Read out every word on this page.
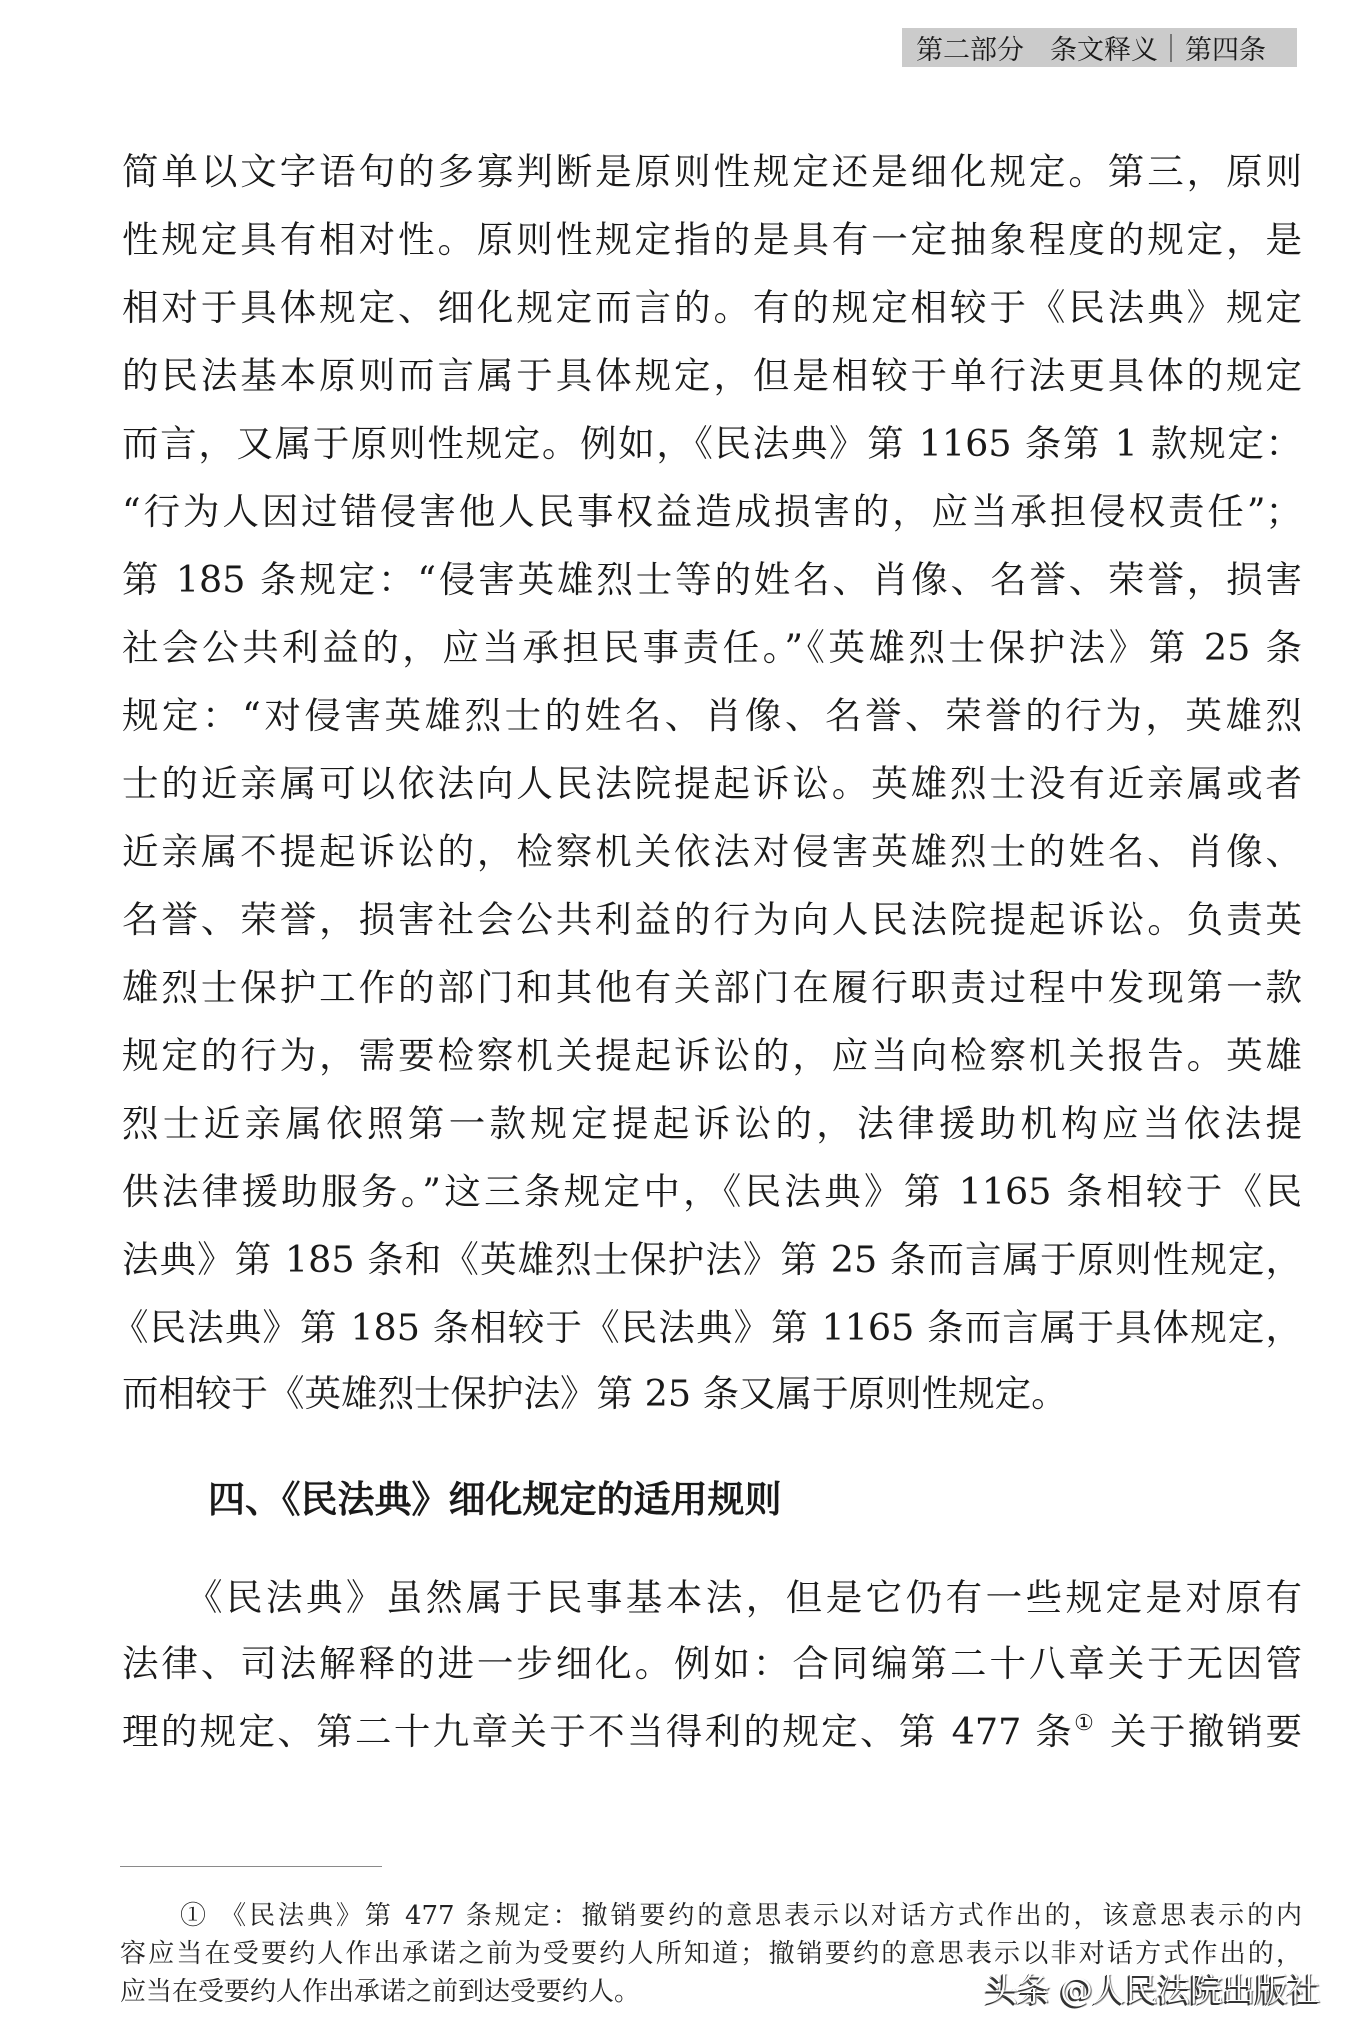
第二部分 条文释义 第四条
简单以文字语句的多寡判断是原则性规定还是细化规定。第三，原则
性规定具有相对性。原则性规定指的是具有一定抽象程度的规定，是
相对于具体规定、细化规定而言的。有的规定相较于《民法典》规定
的民法基本原则而言属于具体规定，但是相较于单行法更具体的规定
而言，又属于原则性规定。例如，《民法典》第 1165 条第 1 款规定：
“行为人因过错侵害他人民事权益造成损害的，应当承担侵权责任”；
第 185 条规定：“侵害英雄烈士等的姓名、肖像、名誉、荣誉，损害
社会公共利益的，应当承担民事责任。”《英雄烈士保护法》第 25 条
规定：“对侵害英雄烈士的姓名、肖像、名誉、荣誉的行为，英雄烈
士的近亲属可以依法向人民法院提起诉讼。英雄烈士没有近亲属或者
近亲属不提起诉讼的，检察机关依法对侵害英雄烈士的姓名、肖像、
名誉、荣誉，损害社会公共利益的行为向人民法院提起诉讼。负责英
雄烈士保护工作的部门和其他有关部门在履行职责过程中发现第一款
规定的行为，需要检察机关提起诉讼的，应当向检察机关报告。英雄
烈士近亲属依照第一款规定提起诉讼的，法律援助机构应当依法提
供法律援助服务。”这三条规定中，《民法典》第 1165 条相较于《民
法典》第 185 条和《英雄烈士保护法》第 25 条而言属于原则性规定，
《民法典》第 185 条相较于《民法典》第 1165 条而言属于具体规定，
而相较于《英雄烈士保护法》第 25 条又属于原则性规定。
四、《民法典》细化规定的适用规则
《民法典》虽然属于民事基本法，但是它仍有一些规定是对原有
法律、司法解释的进一步细化。例如：合同编第二十八章关于无因管
理的规定、第二十九章关于不当得利的规定、第 477 条① 关于撤销要
① 《民法典》第 477 条规定：撤销要约的意思表示以对话方式作出的，该意思表示的内
容应当在受要约人作出承诺之前为受要约人所知道；撤销要约的意思表示以非对话方式作出的，
应当在受要约人作出承诺之前到达受要约人。	头条 @人民法院出版社
